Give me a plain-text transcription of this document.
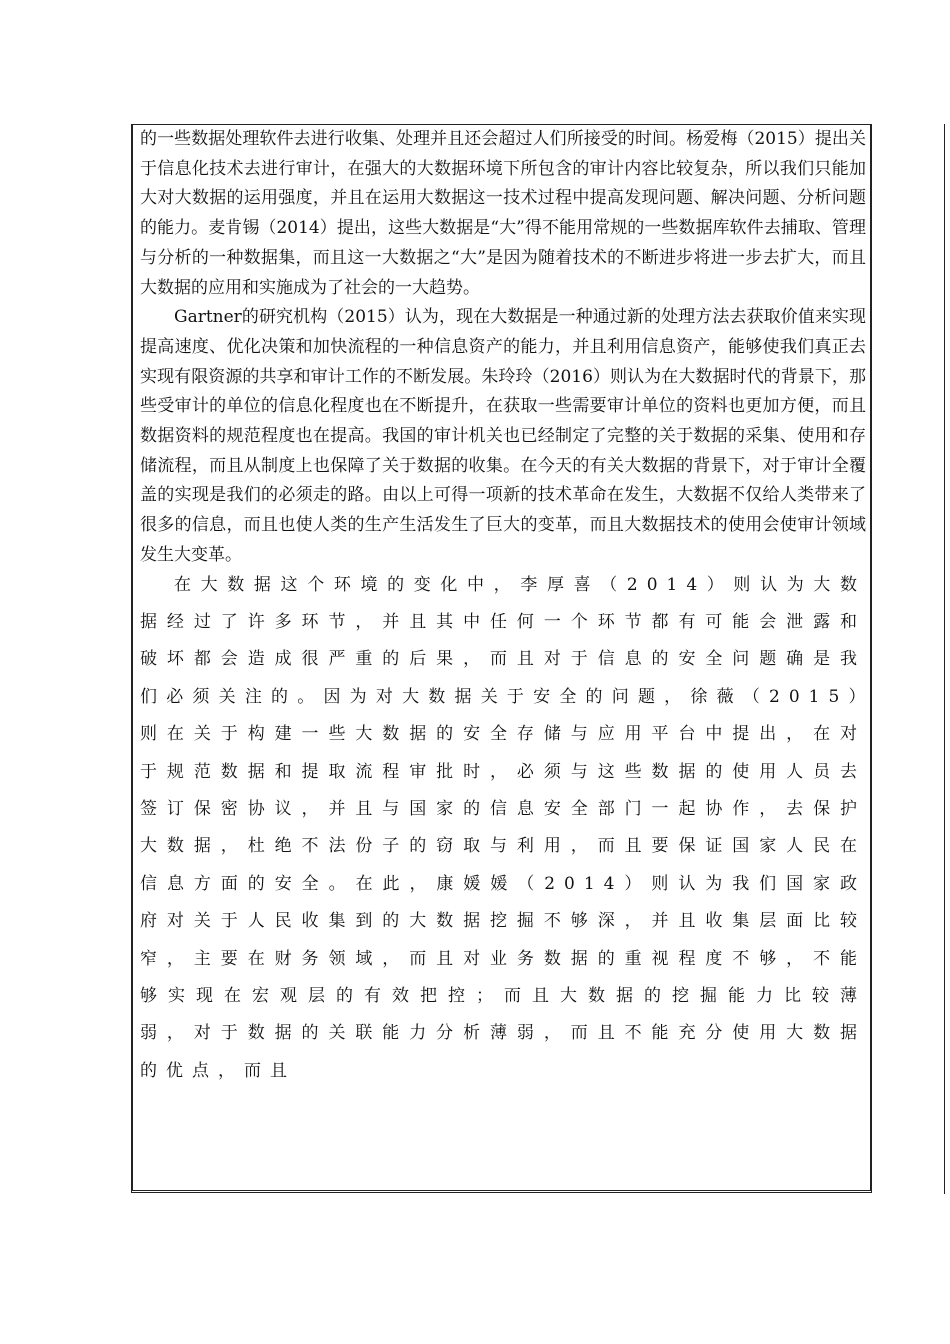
的一些数据处理软件去进行收集、处理并且还会超过人们所接受的时间。杨爱梅（2015）提出关于信息化技术去进行审计，在强大的大数据环境下所包含的审计内容比较复杂，所以我们只能加大对大数据的运用强度，并且在运用大数据这一技术过程中提高发现问题、解决问题、分析问题的能力。麦肯锡（2014）提出，这些大数据是“大”得不能用常规的一些数据库软件去捕取、管理与分析的一种数据集，而且这一大数据之“大”是因为随着技术的不断进步将进一步去扩大，而且大数据的应用和实施成为了社会的一大趋势。

Gartner的研究机构（2015）认为，现在大数据是一种通过新的处理方法去获取价值来实现提高速度、优化决策和加快流程的一种信息资产的能力，并且利用信息资产，能够使我们真正去实现有限资源的共享和审计工作的不断发展。朱玲玲（2016）则认为在大数据时代的背景下，那些受审计的单位的信息化程度也在不断提升，在获取一些需要审计单位的资料也更加方便，而且数据资料的规范程度也在提高。我国的审计机关也已经制定了完整的关于数据的采集、使用和存储流程，而且从制度上也保障了关于数据的收集。在今天的有关大数据的背景下，对于审计全覆盖的实现是我们的必须走的路。由以上可得一项新的技术革命在发生，大数据不仅给人类带来了很多的信息，而且也使人类的生产生活发生了巨大的变革，而且大数据技术的使用会使审计领域发生大变革。

在大数据这个环境的变化中，李厚喜（2014）则认为大数据经过了许多环节，并且其中任何一个环节都有可能会泄露和破坏都会造成很严重的后果，而且对于信息的安全问题确是我们必须关注的。因为对大数据关于安全的问题，徐薇（2015）则在关于构建一些大数据的安全存储与应用平台中提出，在对于规范数据和提取流程审批时，必须与这些数据的使用人员去签订保密协议，并且与国家的信息安全部门一起协作，去保护大数据，杜绝不法份子的窃取与利用，而且要保证国家人民在信息方面的安全。在此，康媛媛（2014）则认为我们国家政府对关于人民收集到的大数据挖掘不够深，并且收集层面比较窄，主要在财务领域，而且对业务数据的重视程度不够，不能够实现在宏观层的有效把控；而且大数据的挖掘能力比较薄弱，对于数据的关联能力分析薄弱，而且不能充分使用大数据的优点，而且
